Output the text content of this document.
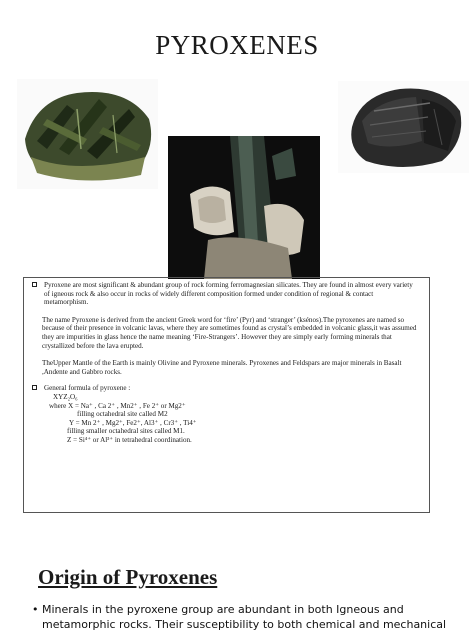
PYROXENES
Pyroxene are most significant & abundant group of rock forming ferromagnesian silicates. They are found in almost every variety of igneous rock & also occur in rocks of widely different composition formed under condition of regional & contact metamorphism.
The name Pyroxene is derived from the ancient Greek word for ‘fire’ (Pyr) and ‘stranger’ (ksénos).The pyroxenes are named so because of their presence in volcanic lavas, where they are sometimes found as crystal’s embedded in volcanic glass,it was assumed they are impurities in glass hence the name meaning ‘Fire-Strangers’. However they are simply early forming minerals that crystallized before the lava erupted.
TheUpper Mantle of the Earth is mainly Olivine and Pyroxene minerals. Pyroxenes and Feldspars are major minerals in Basalt ,Andente and Gabbro rocks.
General formula of pyroxene :
XYZ₂O₆
where X = Na⁺ , Ca 2⁺ , Mn2⁺ , Fe 2⁺ or Mg2⁺
filling octahedral site called M2
Y = Mn 2⁺ , Mg2⁺, Fe2⁺, Al3⁺ , Cr3⁺ , Ti4⁺
filling smaller octahedral sites called M1.
Z = Si⁴⁺ or Al³⁺ in tetrahedral coordination.
Origin of Pyroxenes
• Minerals in the pyroxene group are abundant in both Igneous and metamorphic rocks. Their susceptibility to both chemical and mechanical
